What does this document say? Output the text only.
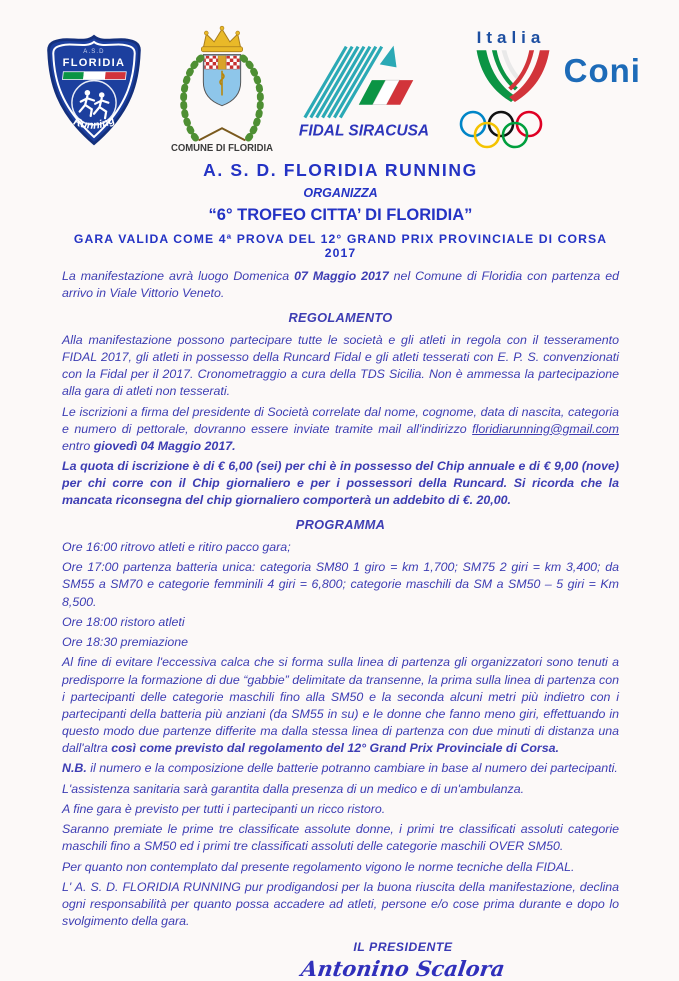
A.S.D
FLORIDIA
Running
COMUNE DI FLORIDIA
FIDAL SIRACUSA
Italia
Coni
A. S. D. FLORIDIA RUNNING
ORGANIZZA
“6° TROFEO CITTA’ DI FLORIDIA”
GARA VALIDA COME 4ª PROVA DEL 12° GRAND PRIX PROVINCIALE DI CORSA 2017

La manifestazione avrà luogo Domenica 07 Maggio 2017 nel Comune di Floridia con partenza ed arrivo in Viale Vittorio Veneto.

REGOLAMENTO

Alla manifestazione possono partecipare tutte le società e gli atleti in regola con il tesseramento FIDAL 2017, gli atleti in possesso della Runcard Fidal e gli atleti tesserati con E. P. S. convenzionati con la Fidal per il 2017. Cronometraggio a cura della TDS Sicilia. Non è ammessa la partecipazione alla gara di atleti non tesserati.

Le iscrizioni a firma del presidente di Società correlate dal nome, cognome, data di nascita, categoria e numero di pettorale, dovranno essere inviate tramite mail all'indirizzo floridiarunning@gmail.com entro giovedì 04 Maggio 2017.

La quota di iscrizione è di € 6,00 (sei) per chi è in possesso del Chip annuale e di € 9,00 (nove) per chi corre con il Chip giornaliero e per i possessori della Runcard. Si ricorda che la mancata riconsegna del chip giornaliero comporterà un addebito di €. 20,00.

PROGRAMMA

Ore 16:00 ritrovo atleti e ritiro pacco gara;

Ore 17:00 partenza batteria unica: categoria SM80 1 giro = km 1,700; SM75 2 giri = km 3,400; da SM55 a SM70 e categorie femminili 4 giri = 6,800; categorie maschili da SM a SM50 – 5 giri = Km 8,500.

Ore 18:00 ristoro atleti

Ore 18:30 premiazione

Al fine di evitare l'eccessiva calca che si forma sulla linea di partenza gli organizzatori sono tenuti a predisporre la formazione di due “gabbie” delimitate da transenne, la prima sulla linea di partenza con i partecipanti delle categorie maschili fino alla SM50 e la seconda alcuni metri più indietro con i partecipanti della batteria più anziani (da SM55 in su) e le donne che fanno meno giri, effettuando in questo modo due partenze differite ma dalla stessa linea di partenza con due minuti di distanza una dall'altra così come previsto dal regolamento del 12° Grand Prix Provinciale di Corsa.

N.B. il numero e la composizione delle batterie potranno cambiare in base al numero dei partecipanti.

L'assistenza sanitaria sarà garantita dalla presenza di un medico e di un'ambulanza.

A fine gara è previsto per tutti i partecipanti un ricco ristoro.

Saranno premiate le prime tre classificate assolute donne, i primi tre classificati assoluti categorie maschili fino a SM50 ed i primi tre classificati assoluti delle categorie maschili OVER SM50.

Per quanto non contemplato dal presente regolamento vigono le norme tecniche della FIDAL.

L' A. S. D. FLORIDIA RUNNING pur prodigandosi per la buona riuscita della manifestazione, declina ogni responsabilità per quanto possa accadere ad atleti, persone e/o cose prima durante e dopo lo svolgimento della gara.

IL PRESIDENTE
Antonino Scalora
